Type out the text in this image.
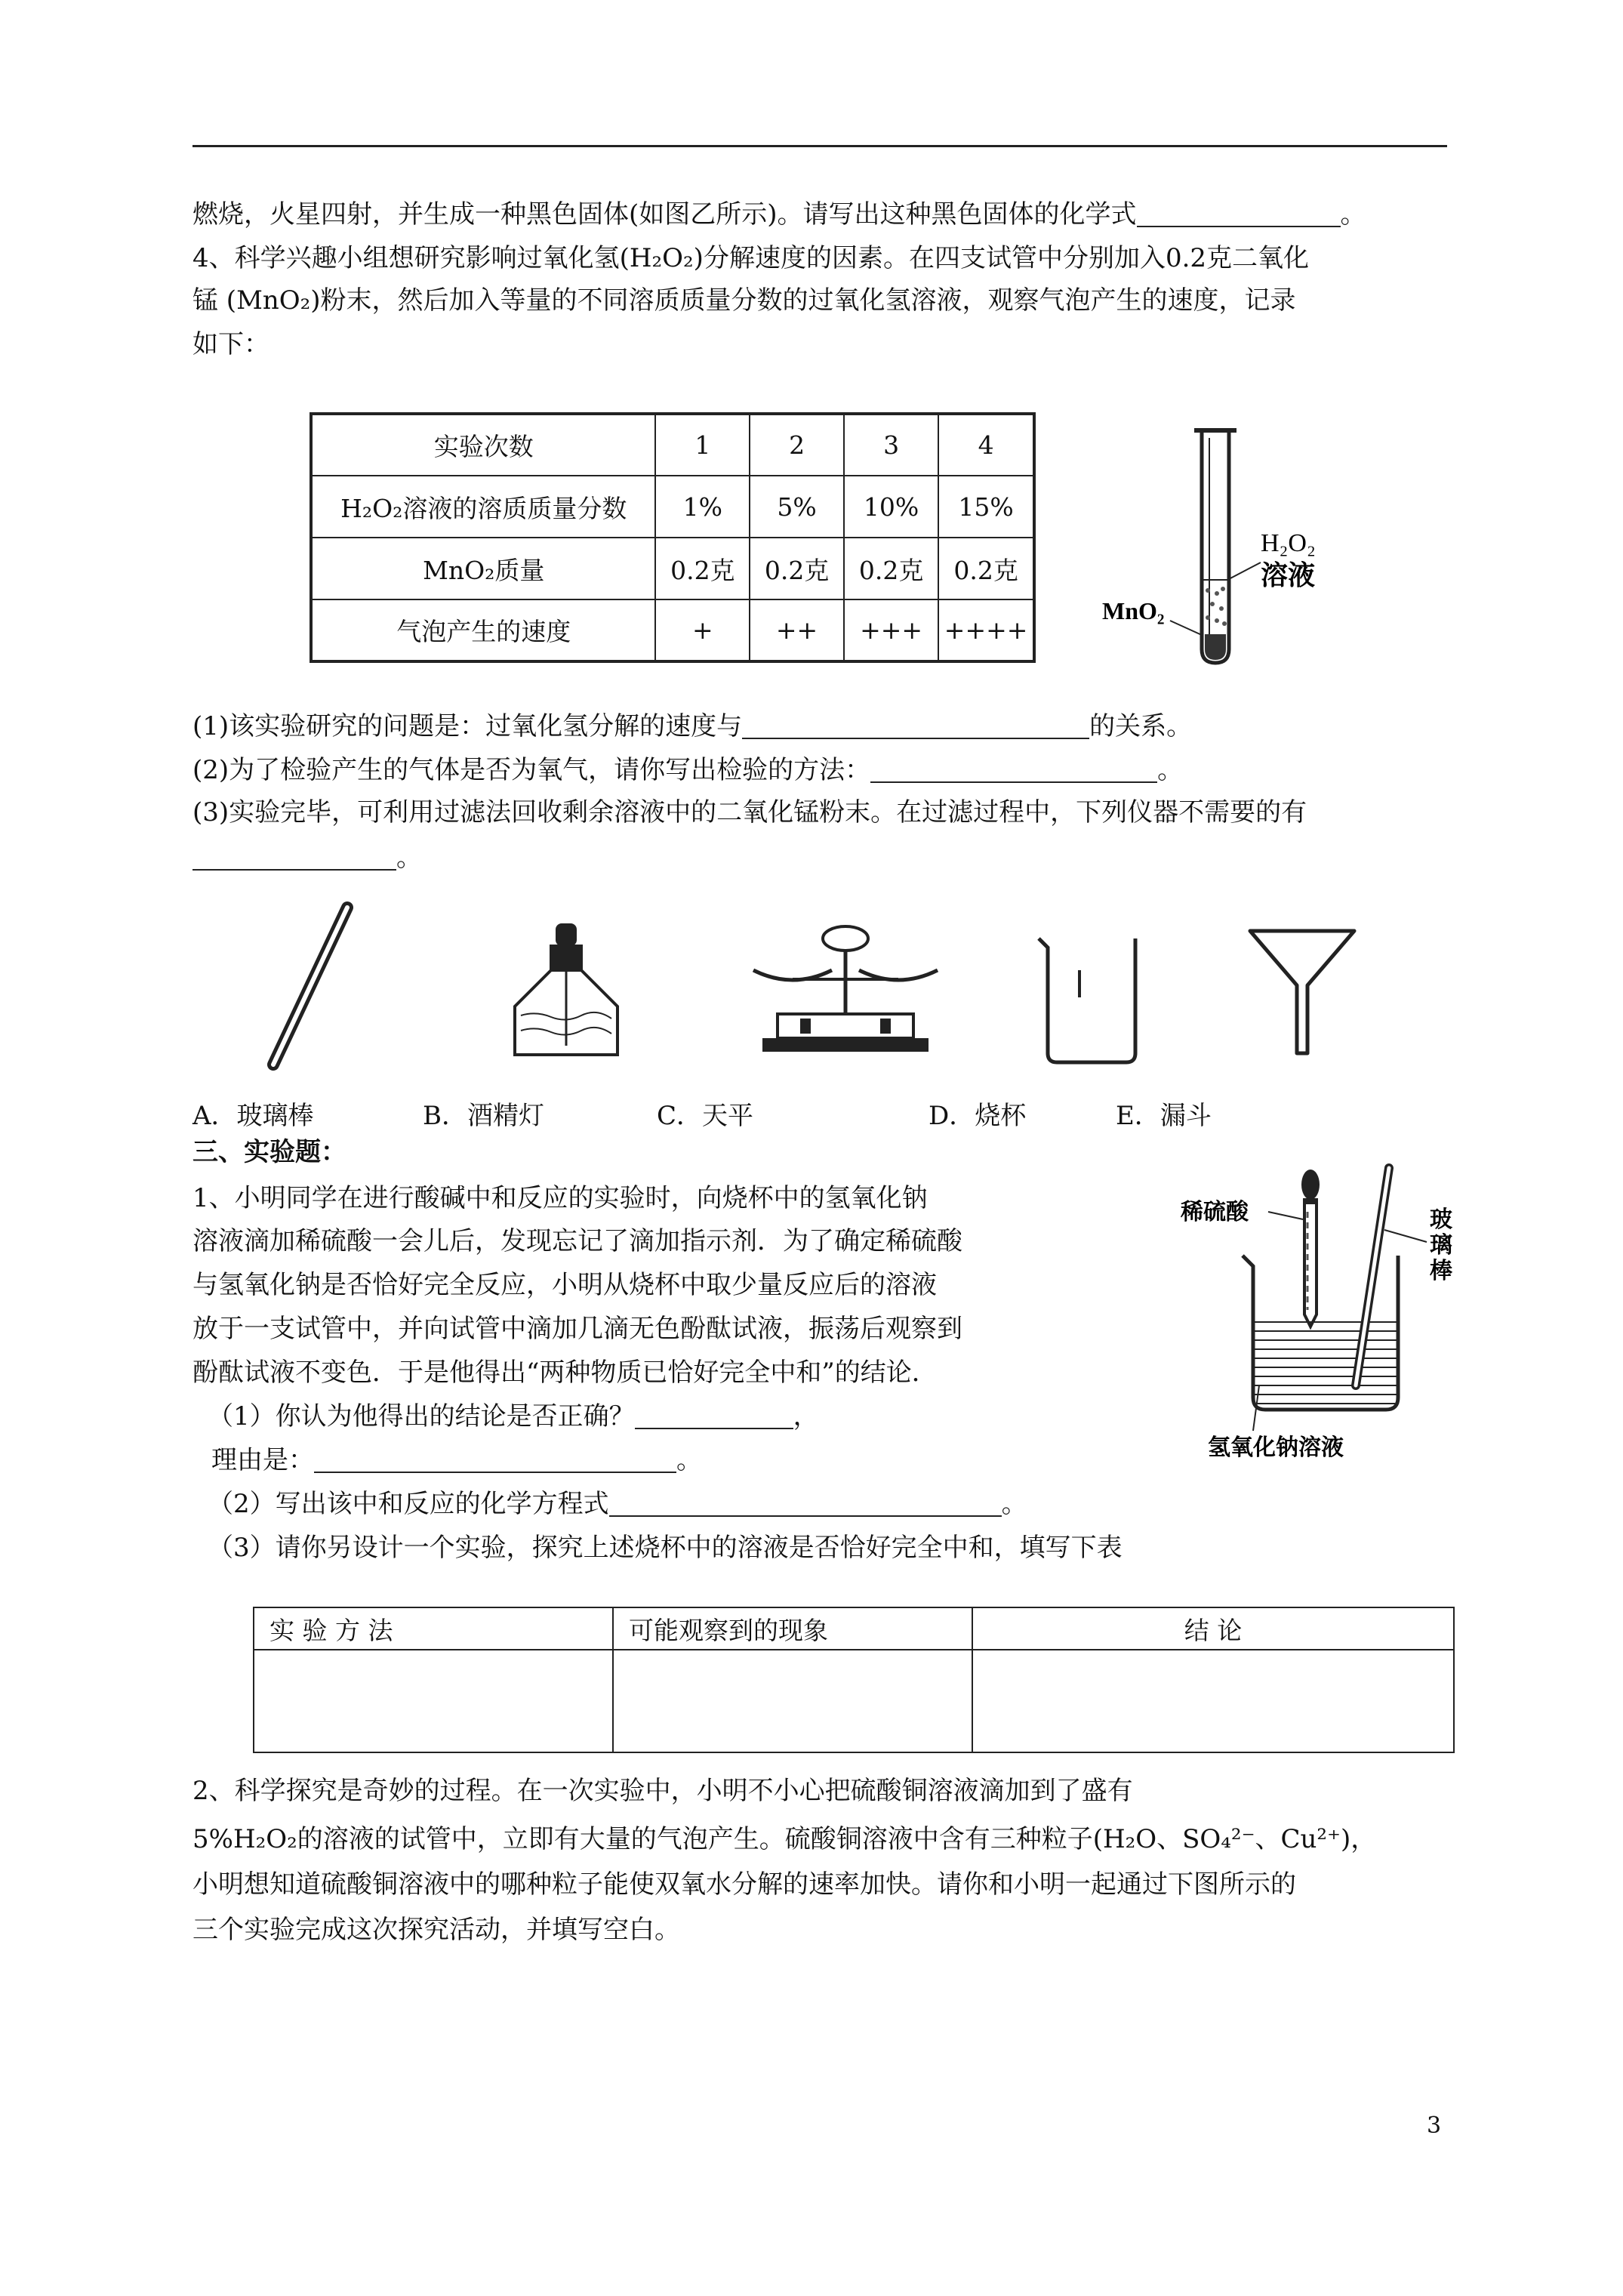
燃烧，火星四射，并生成一种黑色固体(如图乙所示)。请写出这种黑色固体的化学式	。
4、科学兴趣小组想研究影响过氧化氢(H₂O₂)分解速度的因素。在四支试管中分别加入0.2克二氧化
锰 (MnO₂)粉末，然后加入等量的不同溶质质量分数的过氧化氢溶液，观察气泡产生的速度，记录
如下：
实验次数	1	2	3	4
H₂O₂溶液的溶质质量分数	1%	5%	10%	15%
MnO₂质量	0.2克	0.2克	0.2克	0.2克
气泡产生的速度	+	++	+++	++++
H₂O₂
溶液
MnO₂
(1)该实验研究的问题是：过氧化氢分解的速度与	的关系。
(2)为了检验产生的气体是否为氧气，请你写出检验的方法：	。
(3)实验完毕，可利用过滤法回收剩余溶液中的二氧化锰粉末。在过滤过程中，下列仪器不需要的有
。
A．玻璃棒	B．酒精灯	C．天平	D．烧杯	E．漏斗
三、实验题：
1、小明同学在进行酸碱中和反应的实验时，向烧杯中的氢氧化钠
溶液滴加稀硫酸一会儿后，发现忘记了滴加指示剂．为了确定稀硫酸
与氢氧化钠是否恰好完全反应，小明从烧杯中取少量反应后的溶液
放于一支试管中，并向试管中滴加几滴无色酚酞试液，振荡后观察到
酚酞试液不变色．于是他得出“两种物质已恰好完全中和”的结论．
（1）你认为他得出的结论是否正确？	，
理由是：	。
（2）写出该中和反应的化学方程式	。
（3）请你另设计一个实验，探究上述烧杯中的溶液是否恰好完全中和，填写下表
稀硫酸	玻
璃
棒
氢氧化钠溶液
实 验 方 法	可能观察到的现象	结 论

2、科学探究是奇妙的过程。在一次实验中，小明不小心把硫酸铜溶液滴加到了盛有
5%H₂O₂的溶液的试管中，立即有大量的气泡产生。硫酸铜溶液中含有三种粒子(H₂O、SO₄²⁻、Cu²⁺)，
小明想知道硫酸铜溶液中的哪种粒子能使双氧水分解的速率加快。请你和小明一起通过下图所示的
三个实验完成这次探究活动，并填写空白。
3
